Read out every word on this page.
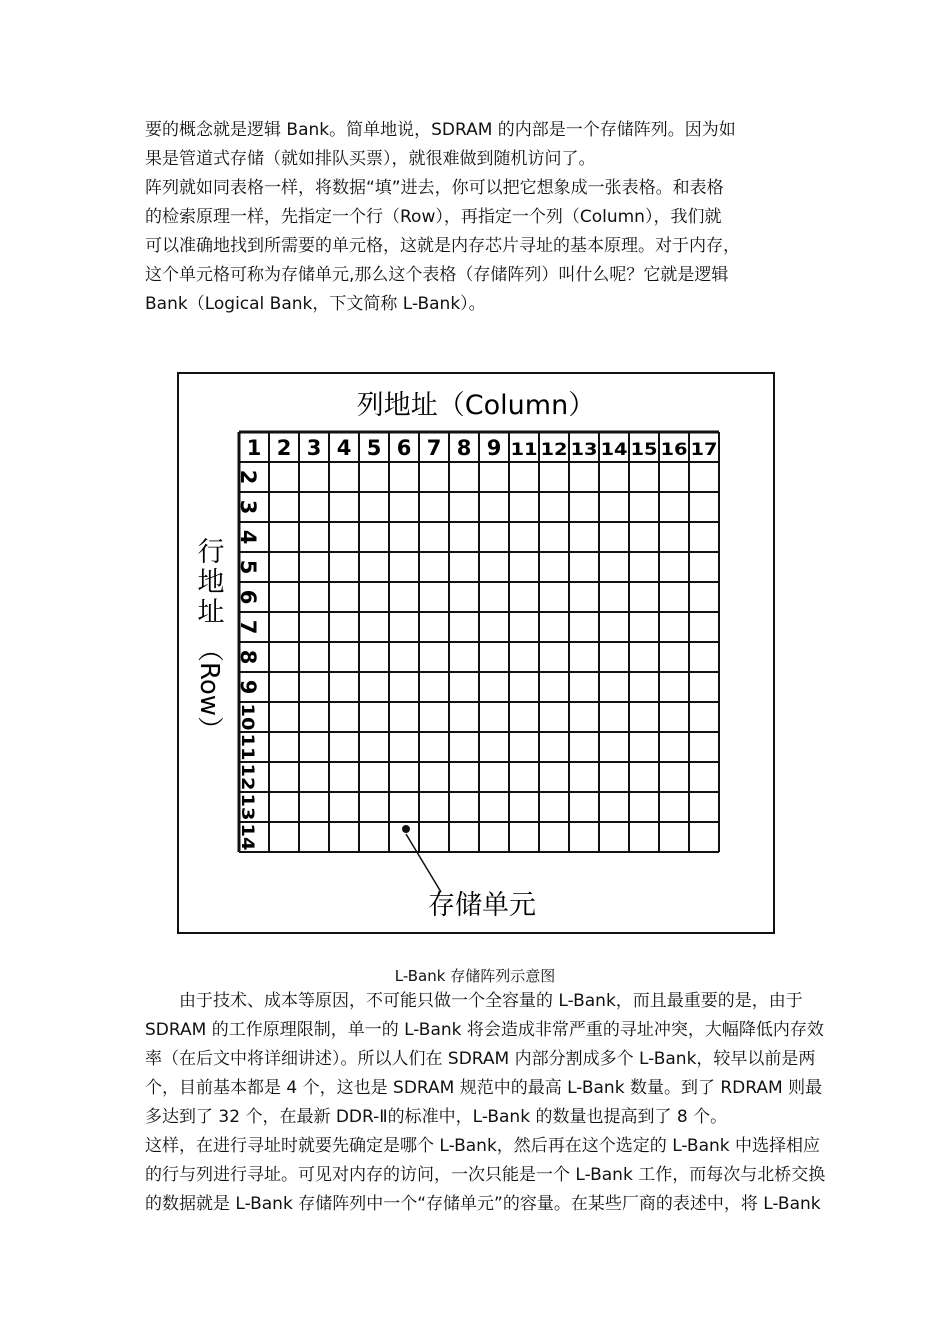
要的概念就是逻辑 Bank。简单地说，SDRAM 的内部是一个存储阵列。因为如
果是管道式存储（就如排队买票），就很难做到随机访问了。
阵列就如同表格一样，将数据“填”进去，你可以把它想象成一张表格。和表格
的检索原理一样，先指定一个行（Row），再指定一个列（Column），我们就
可以准确地找到所需要的单元格，这就是内存芯片寻址的基本原理。对于内存，
这个单元格可称为存储单元,那么这个表格（存储阵列）叫什么呢？它就是逻辑
Bank（Logical Bank，下文简称 L-Bank）。
列地址（Column）
行
地
址
（Row）
1 2 3 4 5 6 7 8 9 11 12 13 14 15 16 17
2
3
4
5
6
7
8
9
10
11
12
13
14
存储单元
L-Bank 存储阵列示意图
　　由于技术、成本等原因，不可能只做一个全容量的 L-Bank，而且最重要的是，由于
SDRAM 的工作原理限制，单一的 L-Bank 将会造成非常严重的寻址冲突，大幅降低内存效
率（在后文中将详细讲述）。所以人们在 SDRAM 内部分割成多个 L-Bank，较早以前是两
个，目前基本都是 4 个，这也是 SDRAM 规范中的最高 L-Bank 数量。到了 RDRAM 则最
多达到了 32 个，在最新 DDR-Ⅱ的标准中，L-Bank 的数量也提高到了 8 个。
这样，在进行寻址时就要先确定是哪个 L-Bank，然后再在这个选定的 L-Bank 中选择相应
的行与列进行寻址。可见对内存的访问，一次只能是一个 L-Bank 工作，而每次与北桥交换
的数据就是 L-Bank 存储阵列中一个“存储单元”的容量。在某些厂商的表述中，将 L-Bank
